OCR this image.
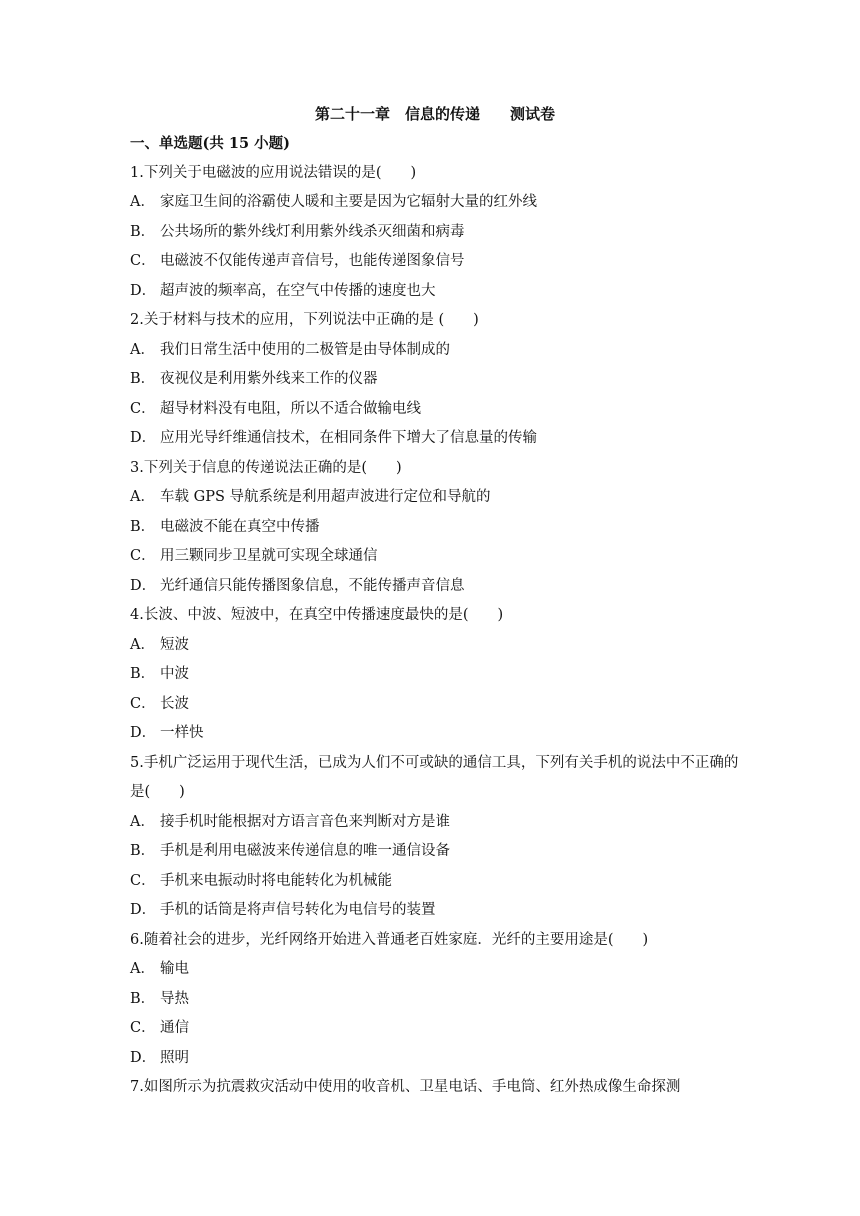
第二十一章　信息的传递　　测试卷
一、单选题(共 15 小题)
1.下列关于电磁波的应用说法错误的是(　　)
A． 家庭卫生间的浴霸使人暖和主要是因为它辐射大量的红外线
B． 公共场所的紫外线灯利用紫外线杀灭细菌和病毒
C． 电磁波不仅能传递声音信号，也能传递图象信号
D． 超声波的频率高，在空气中传播的速度也大
2.关于材料与技术的应用，下列说法中正确的是 (　　)
A． 我们日常生活中使用的二极管是由导体制成的
B． 夜视仪是利用紫外线来工作的仪器
C． 超导材料没有电阻，所以不适合做输电线
D． 应用光导纤维通信技术，在相同条件下增大了信息量的传输
3.下列关于信息的传递说法正确的是(　　)
A． 车载 GPS 导航系统是利用超声波进行定位和导航的
B． 电磁波不能在真空中传播
C． 用三颗同步卫星就可实现全球通信
D． 光纤通信只能传播图象信息，不能传播声音信息
4.长波、中波、短波中，在真空中传播速度最快的是(　　)
A． 短波
B． 中波
C． 长波
D． 一样快
5.手机广泛运用于现代生活，已成为人们不可或缺的通信工具，下列有关手机的说法中不正确的是(　　)
A． 接手机时能根据对方语言音色来判断对方是谁
B． 手机是利用电磁波来传递信息的唯一通信设备
C． 手机来电振动时将电能转化为机械能
D． 手机的话筒是将声信号转化为电信号的装置
6.随着社会的进步，光纤网络开始进入普通老百姓家庭．光纤的主要用途是(　　)
A． 输电
B． 导热
C． 通信
D． 照明
7.如图所示为抗震救灾活动中使用的收音机、卫星电话、手电筒、红外热成像生命探测
